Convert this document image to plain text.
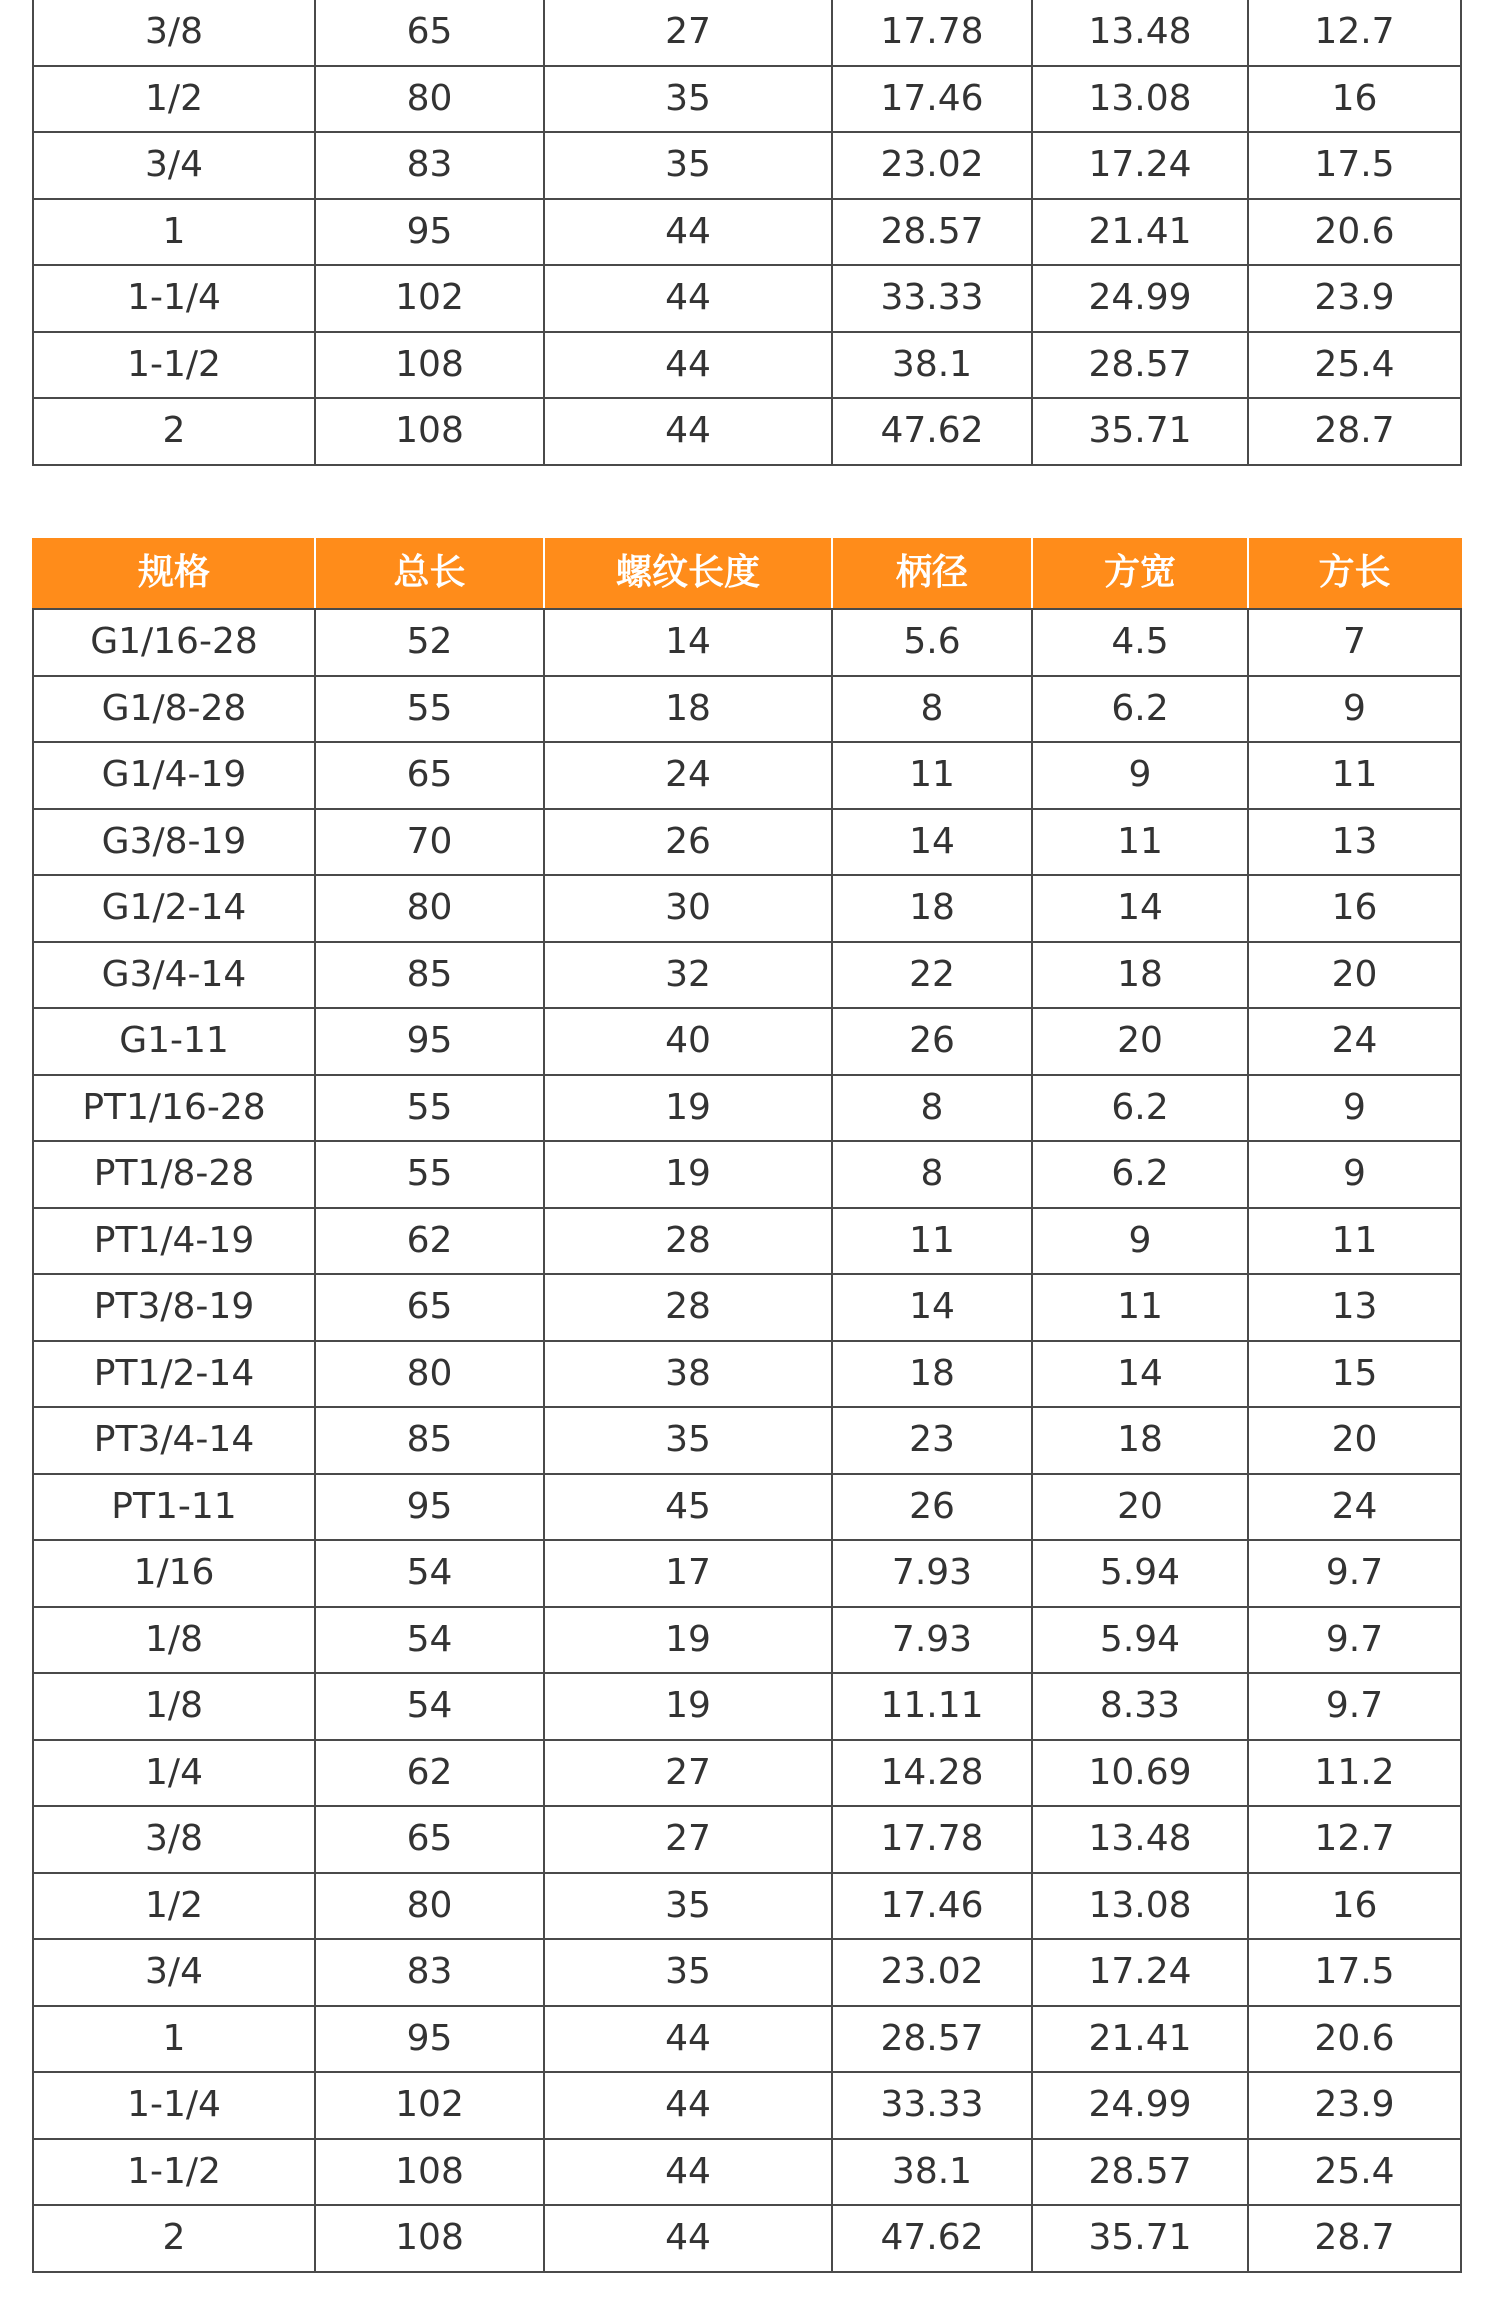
3/8	65	27	17.78	13.48	12.7
1/2	80	35	17.46	13.08	16
3/4	83	35	23.02	17.24	17.5
1	95	44	28.57	21.41	20.6
1-1/4	102	44	33.33	24.99	23.9
1-1/2	108	44	38.1	28.57	25.4
2	108	44	47.62	35.71	28.7
规格	总长	螺纹长度	柄径	方宽	方长
G1/16-28	52	14	5.6	4.5	7
G1/8-28	55	18	8	6.2	9
G1/4-19	65	24	11	9	11
G3/8-19	70	26	14	11	13
G1/2-14	80	30	18	14	16
G3/4-14	85	32	22	18	20
G1-11	95	40	26	20	24
PT1/16-28	55	19	8	6.2	9
PT1/8-28	55	19	8	6.2	9
PT1/4-19	62	28	11	9	11
PT3/8-19	65	28	14	11	13
PT1/2-14	80	38	18	14	15
PT3/4-14	85	35	23	18	20
PT1-11	95	45	26	20	24
1/16	54	17	7.93	5.94	9.7
1/8	54	19	7.93	5.94	9.7
1/8	54	19	11.11	8.33	9.7
1/4	62	27	14.28	10.69	11.2
3/8	65	27	17.78	13.48	12.7
1/2	80	35	17.46	13.08	16
3/4	83	35	23.02	17.24	17.5
1	95	44	28.57	21.41	20.6
1-1/4	102	44	33.33	24.99	23.9
1-1/2	108	44	38.1	28.57	25.4
2	108	44	47.62	35.71	28.7
